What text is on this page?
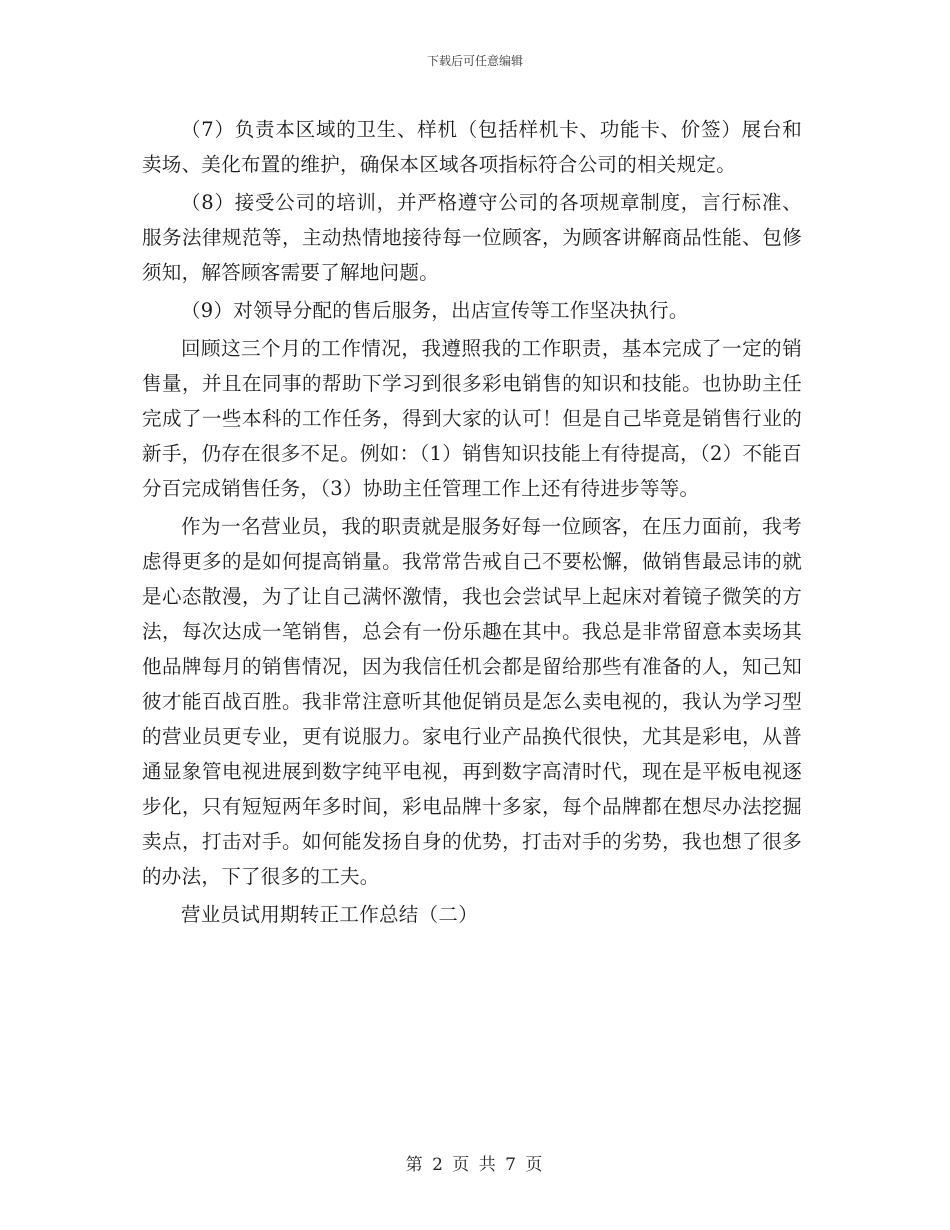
下载后可任意编辑

（7）负责本区域的卫生、样机（包括样机卡、功能卡、价签）展台和卖场、美化布置的维护，确保本区域各项指标符合公司的相关规定。

（8）接受公司的培训，并严格遵守公司的各项规章制度，言行标准、服务法律规范等，主动热情地接待每一位顾客，为顾客讲解商品性能、包修须知，解答顾客需要了解地问题。

（9）对领导分配的售后服务，出店宣传等工作坚决执行。

回顾这三个月的工作情况，我遵照我的工作职责，基本完成了一定的销售量，并且在同事的帮助下学习到很多彩电销售的知识和技能。也协助主任完成了一些本科的工作任务，得到大家的认可！但是自己毕竟是销售行业的新手，仍存在很多不足。例如：（1）销售知识技能上有待提高，（2）不能百分百完成销售任务，（3）协助主任管理工作上还有待进步等等。

作为一名营业员，我的职责就是服务好每一位顾客，在压力面前，我考虑得更多的是如何提高销量。我常常告戒自己不要松懈，做销售最忌讳的就是心态散漫，为了让自己满怀激情，我也会尝试早上起床对着镜子微笑的方法，每次达成一笔销售，总会有一份乐趣在其中。我总是非常留意本卖场其他品牌每月的销售情况，因为我信任机会都是留给那些有准备的人，知己知彼才能百战百胜。我非常注意听其他促销员是怎么卖电视的，我认为学习型的营业员更专业，更有说服力。家电行业产品换代很快，尤其是彩电，从普通显象管电视进展到数字纯平电视，再到数字高清时代，现在是平板电视逐步化，只有短短两年多时间，彩电品牌十多家，每个品牌都在想尽办法挖掘卖点，打击对手。如何能发扬自身的优势，打击对手的劣势，我也想了很多的办法，下了很多的工夫。

营业员试用期转正工作总结（二）

第 2 页 共 7 页
